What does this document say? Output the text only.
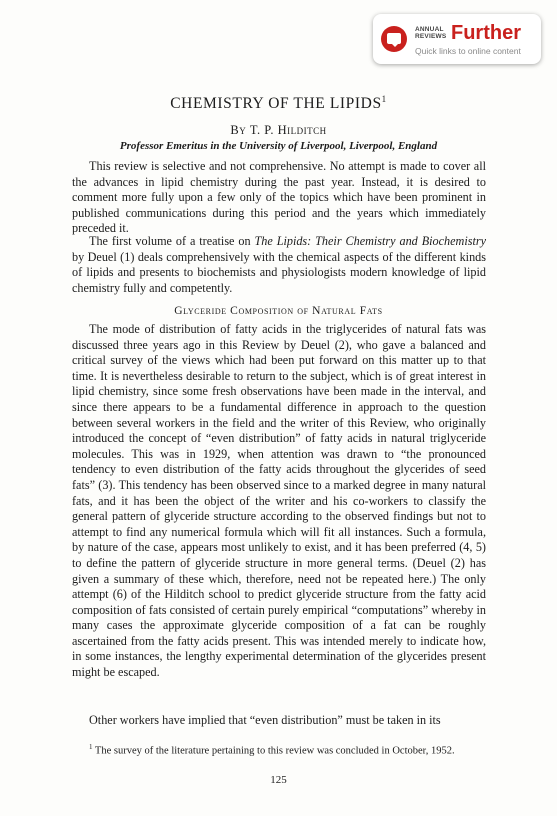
ANNUAL REVIEWS Further
Quick links to online content
CHEMISTRY OF THE LIPIDS$^1$
By T. P. Hilditch
Professor Emeritus in the University of Liverpool, Liverpool, England

This review is selective and not comprehensive. No attempt is made to cover all the advances in lipid chemistry during the past year. Instead, it is desired to comment more fully upon a few only of the topics which have been prominent in published communications during this period and the years which immediately preceded it.

The first volume of a treatise on The Lipids: Their Chemistry and Biochemistry by Deuel (1) deals comprehensively with the chemical aspects of the different kinds of lipids and presents to biochemists and physiologists modern knowledge of lipid chemistry fully and competently.

Glyceride Composition of Natural Fats

The mode of distribution of fatty acids in the triglycerides of natural fats was discussed three years ago in this Review by Deuel (2), who gave a balanced and critical survey of the views which had been put forward on this matter up to that time. It is nevertheless desirable to return to the subject, which is of great interest in lipid chemistry, since some fresh observations have been made in the interval, and since there appears to be a fundamental difference in approach to the question between several workers in the field and the writer of this Review, who originally introduced the concept of “even distribution” of fatty acids in natural triglyceride molecules. This was in 1929, when attention was drawn to “the pronounced tendency to even distribution of the fatty acids throughout the glycerides of seed fats” (3). This tendency has been observed since to a marked degree in many natural fats, and it has been the object of the writer and his co-workers to classify the general pattern of glyceride structure according to the observed findings but not to attempt to find any numerical formula which will fit all instances. Such a formula, by nature of the case, appears most unlikely to exist, and it has been preferred (4, 5) to define the pattern of glyceride structure in more general terms. (Deuel (2) has given a summary of these which, therefore, need not be repeated here.) The only attempt (6) of the Hilditch school to predict glyceride structure from the fatty acid composition of fats consisted of certain purely empirical “computations” whereby in many cases the approximate glyceride composition of a fat can be roughly ascertained from the fatty acids present. This was intended merely to indicate how, in some instances, the lengthy experimental determination of the glycerides present might be escaped.

Other workers have implied that “even distribution” must be taken in its

$^1$ The survey of the literature pertaining to this review was concluded in October, 1952.

125
